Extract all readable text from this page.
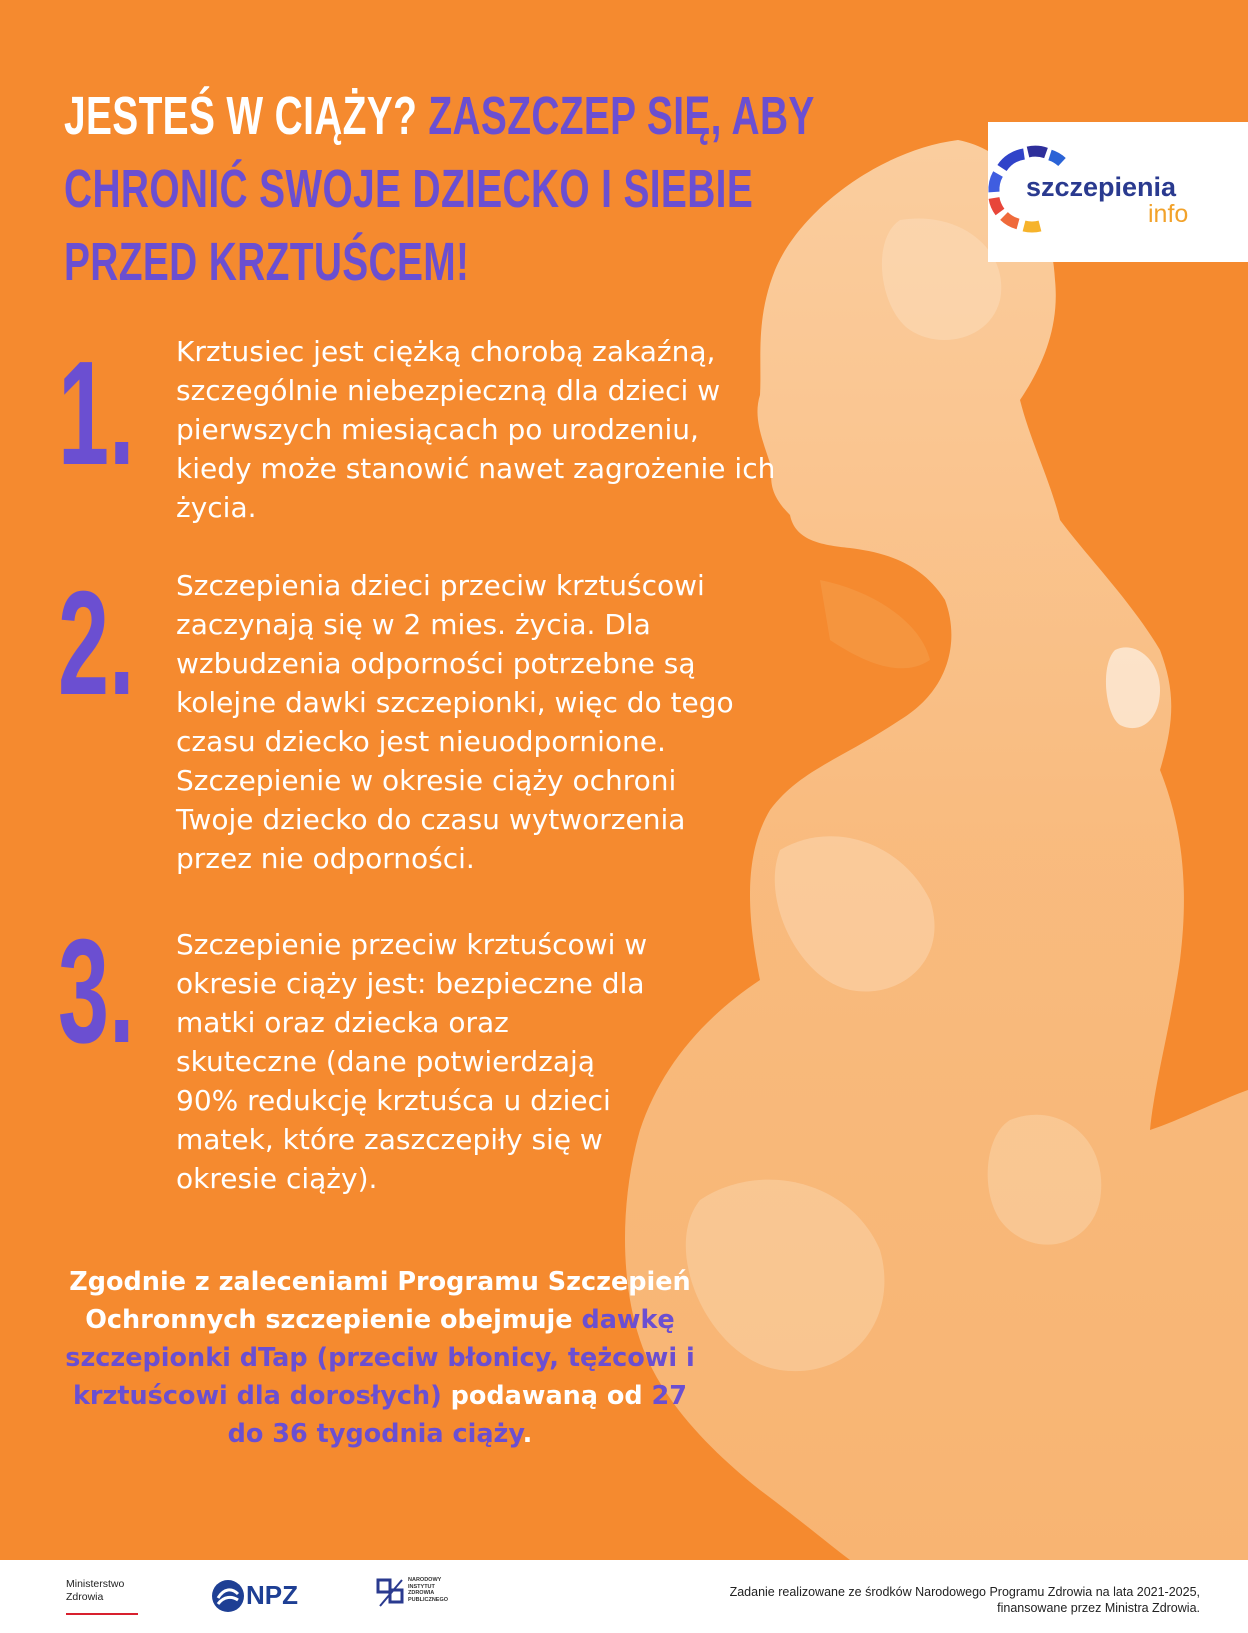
JESTEŚ W CIĄŻY? ZASZCZEP SIĘ, ABY CHRONIĆ SWOJE DZIECKO I SIEBIE PRZED KRZTUŚCEM!
szczepienia
info
1. Krztusiec jest ciężką chorobą zakaźną,
szczególnie niebezpieczną dla dzieci w
pierwszych miesiącach po urodzeniu,
kiedy może stanowić nawet zagrożenie ich
życia.
2. Szczepienia dzieci przeciw krztuścowi
zaczynają się w 2 mies. życia. Dla
wzbudzenia odporności potrzebne są
kolejne dawki szczepionki, więc do tego
czasu dziecko jest nieuodpornione.
Szczepienie w okresie ciąży ochroni
Twoje dziecko do czasu wytworzenia
przez nie odporności.
3. Szczepienie przeciw krztuścowi w
okresie ciąży jest: bezpieczne dla
matki oraz dziecka oraz
skuteczne (dane potwierdzają
90% redukcję krztuśca u dzieci
matek, które zaszczepiły się w
okresie ciąży).
Zgodnie z zaleceniami Programu Szczepień Ochronnych szczepienie obejmuje dawkę szczepionki dTap (przeciw błonicy, tężcowi i krztuścowi dla dorosłych) podawaną od 27 do 36 tygodnia ciąży.
Ministerstwo
Zdrowia	NPZ	NARODOWY
INSTYTUT
ZDROWIA
PUBLICZNEGO
Zadanie realizowane ze środków Narodowego Programu Zdrowia na lata 2021-2025,
finansowane przez Ministra Zdrowia.
